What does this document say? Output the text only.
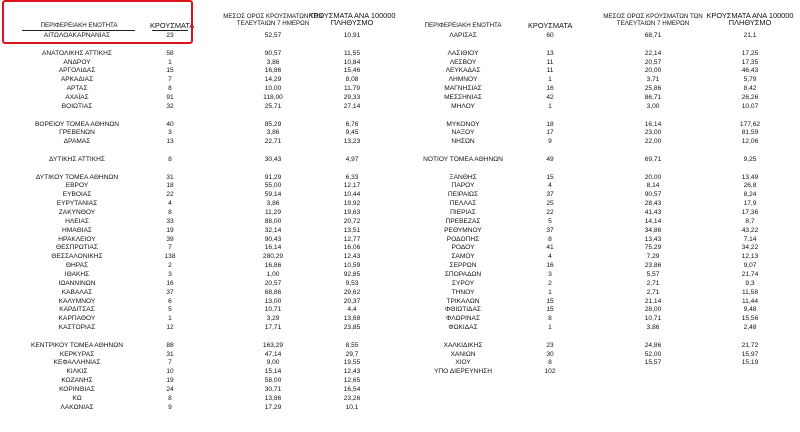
ΠΕΡΙΦΕΡΕΙΑΚΗ ΕΝΟΤΗΤΑ	ΚΡΟΥΣΜΑΤΑ
ΜΕΣΟΣ ΟΡΟΣ ΚΡΟΥΣΜΑΤΩΝ ΤΩΝ
ΤΕΛΕΥΤΑΙΩΝ 7 ΗΜΕΡΩΝ
ΚΡΟΥΣΜΑΤΑ ΑΝΑ 100000
ΠΛΗΘΥΣΜΟ	ΠΕΡΙΦΕΡΕΙΑΚΗ ΕΝΟΤΗΤΑ	ΚΡΟΥΣΜΑΤΑ
ΜΕΣΟΣ ΟΡΟΣ ΚΡΟΥΣΜΑΤΩΝ ΤΩΝ
ΤΕΛΕΥΤΑΙΩΝ 7 ΗΜΕΡΩΝ
ΚΡΟΥΣΜΑΤΑ ΑΝΑ 100000
ΠΛΗΘΥΣΜΟ
ΑΙΤΩΛΟΑΚΑΡΝΑΝΙΑΣ	23	52,57	10,91
ΑΝΑΤΟΛΙΚΗΣ ΑΤΤΙΚΗΣ	58	90,57	11,55
ΑΝΔΡΟΥ	1	3,86	10,84
ΑΡΓΟΛΙΔΑΣ	15	16,86	15,46
ΑΡΚΑΔΙΑΣ	7	14,29	8,08
ΑΡΤΑΣ	8	10,00	11,79
ΑΧΑΪΑΣ	91	118,00	29,33
ΒΟΙΩΤΙΑΣ	32	25,71	27,14
ΒΟΡΕΙΟΥ ΤΟΜΕΑ ΑΘΗΝΩΝ	40	85,29	6,76
ΓΡΕΒΕΝΩΝ	3	3,86	9,45
ΔΡΑΜΑΣ	13	22,71	13,23
ΔΥΤΙΚΗΣ ΑΤΤΙΚΗΣ	8	30,43	4,97
ΔΥΤΙΚΟΥ ΤΟΜΕΑ ΑΘΗΝΩΝ	31	91,29	6,33
ΕΒΡΟΥ	18	55,00	12,17
ΕΥΒΟΙΑΣ	22	59,14	10,44
ΕΥΡΥΤΑΝΙΑΣ	4	3,86	19,92
ΖΑΚΥΝΘΟΥ	8	11,29	19,63
ΗΛΕΙΑΣ	33	88,00	20,72
ΗΜΑΘΙΑΣ	19	32,14	13,51
ΗΡΑΚΛΕΙΟΥ	39	90,43	12,77
ΘΕΣΠΡΩΤΙΑΣ	7	16,14	16,06
ΘΕΣΣΑΛΟΝΙΚΗΣ	138	280,29	12,43
ΘΗΡΑΣ	2	16,86	10,59
ΙΘΑΚΗΣ	3	1,00	92,85
ΙΩΑΝΝΙΝΩΝ	16	20,57	9,53
ΚΑΒΑΛΑΣ	37	68,86	29,62
ΚΑΛΥΜΝΟΥ	6	13,00	20,37
ΚΑΡΔΙΤΣΑΣ	5	10,71	4,4
ΚΑΡΠΑΘΟΥ	1	3,29	13,68
ΚΑΣΤΟΡΙΑΣ	12	17,71	23,85
ΚΕΝΤΡΙΚΟΥ ΤΟΜΕΑ ΑΘΗΝΩΝ	88	163,29	8,55
ΚΕΡΚΥΡΑΣ	31	47,14	29,7
ΚΕΦΑΛΛΗΝΙΑΣ	7	9,00	19,55
ΚΙΛΚΙΣ	10	15,14	12,43
ΚΟΖΑΝΗΣ	19	58,00	12,65
ΚΟΡΙΝΘΙΑΣ	24	30,71	16,54
ΚΩ	8	13,86	23,26
ΛΑΚΩΝΙΑΣ	9	17,29	10,1
ΛΑΡΙΣΑΣ	60	68,71	21,1
ΛΑΣΙΘΙΟΥ	13	22,14	17,25
ΛΕΣΒΟΥ	11	20,57	17,35
ΛΕΥΚΑΔΑΣ	11	20,00	46,43
ΛΗΜΝΟΥ	1	3,71	5,79
ΜΑΓΝΗΣΙΑΣ	16	25,86	8,42
ΜΕΣΣΗΝΙΑΣ	42	86,71	26,26
ΜΗΛΟΥ	1	3,00	10,07
ΜΥΚΟΝΟΥ	18	16,14	177,62
ΝΑΞΟΥ	17	23,00	81,59
ΝΗΣΩΝ	9	22,00	12,06
ΝΟΤΙΟΥ ΤΟΜΕΑ ΑΘΗΝΩΝ	49	69,71	9,25
ΞΑΝΘΗΣ	15	20,00	13,49
ΠΑΡΟΥ	4	8,14	26,8
ΠΕΙΡΑΙΩΣ	37	90,57	8,24
ΠΕΛΛΑΣ	25	28,43	17,9
ΠΙΕΡΙΑΣ	22	41,43	17,36
ΠΡΕΒΕΖΑΣ	5	14,14	8,7
ΡΕΘΥΜΝΟΥ	37	34,86	43,22
ΡΟΔΟΠΗΣ	8	13,43	7,14
ΡΟΔΟΥ	41	75,29	34,22
ΣΑΜΟΥ	4	7,29	12,13
ΣΕΡΡΩΝ	16	23,86	9,07
ΣΠΟΡΑΔΩΝ	3	5,57	21,74
ΣΥΡΟΥ	2	2,71	9,3
ΤΗΝΟΥ	1	2,71	11,58
ΤΡΙΚΑΛΩΝ	15	21,14	11,44
ΦΘΙΩΤΙΔΑΣ	15	28,00	9,48
ΦΛΩΡΙΝΑΣ	8	10,71	15,56
ΦΩΚΙΔΑΣ	1	3,86	2,48
ΧΑΛΚΙΔΙΚΗΣ	23	24,86	21,72
ΧΑΝΙΩΝ	30	52,00	15,97
ΧΙΟΥ	8	15,57	15,19
ΥΠΟ ΔΙΕΡΕΥΝΗΣΗ	102
